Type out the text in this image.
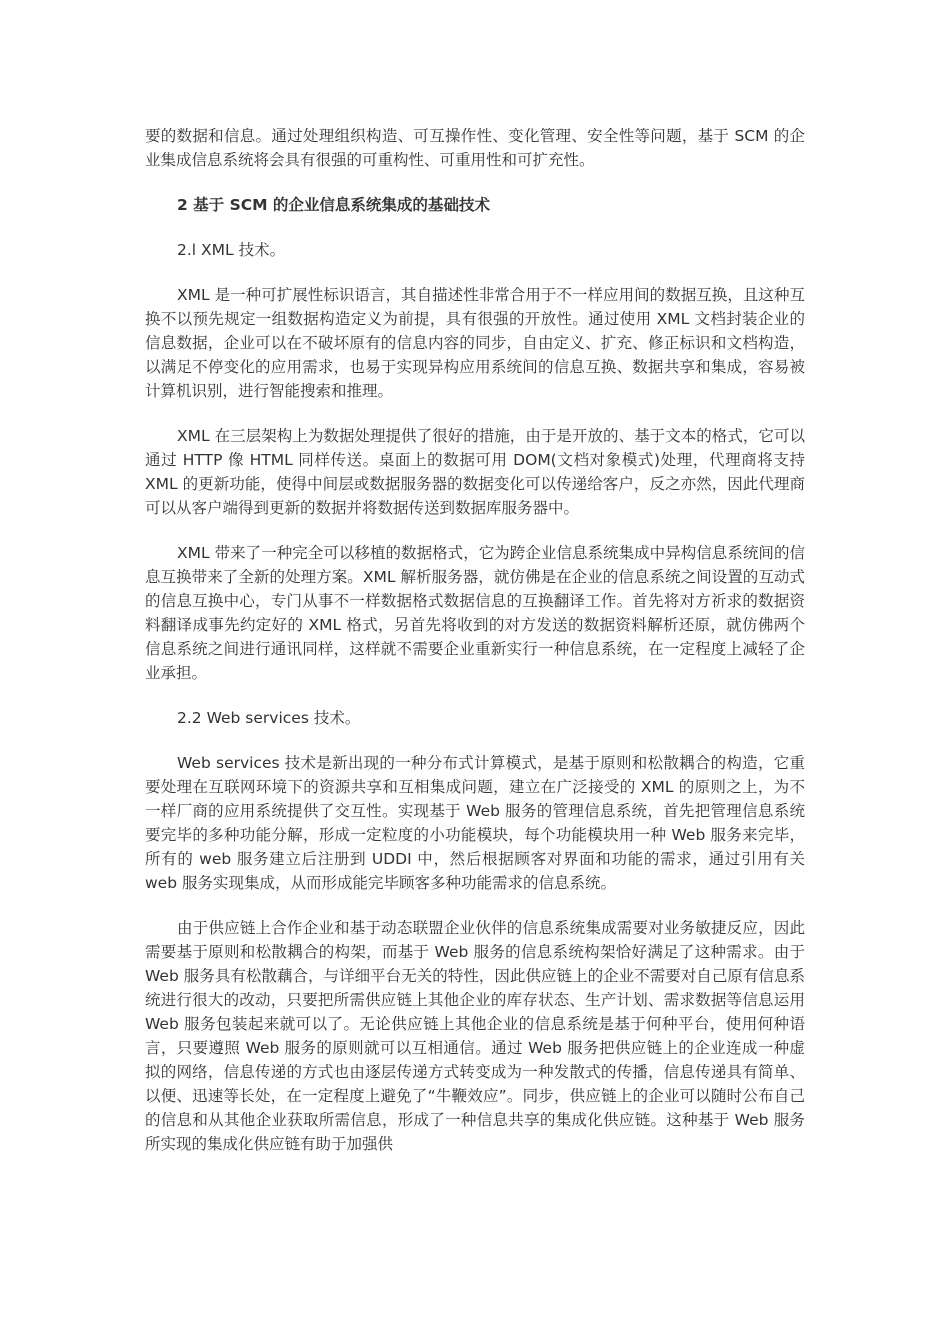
要的数据和信息。通过处理组织构造、可互操作性、变化管理、安全性等问题，基于 SCM 的企业集成信息系统将会具有很强的可重构性、可重用性和可扩充性。

2 基于 SCM 的企业信息系统集成的基础技术

2.l XML 技术。

XML 是一种可扩展性标识语言，其自描述性非常合用于不一样应用间的数据互换，且这种互换不以预先规定一组数据构造定义为前提，具有很强的开放性。通过使用 XML 文档封装企业的信息数据，企业可以在不破坏原有的信息内容的同步，自由定义、扩充、修正标识和文档构造，以满足不停变化的应用需求，也易于实现异构应用系统间的信息互换、数据共享和集成，容易被计算机识别，进行智能搜索和推理。

XML 在三层架构上为数据处理提供了很好的措施，由于是开放的、基于文本的格式，它可以通过 HTTP 像 HTML 同样传送。桌面上的数据可用 DOM(文档对象模式)处理，代理商将支持 XML 的更新功能，使得中间层或数据服务器的数据变化可以传递给客户，反之亦然，因此代理商可以从客户端得到更新的数据并将数据传送到数据库服务器中。

XML 带来了一种完全可以移植的数据格式，它为跨企业信息系统集成中异构信息系统间的信息互换带来了全新的处理方案。XML 解析服务器，就仿佛是在企业的信息系统之间设置的互动式的信息互换中心，专门从事不一样数据格式数据信息的互换翻译工作。首先将对方祈求的数据资料翻译成事先约定好的 XML 格式，另首先将收到的对方发送的数据资料解析还原，就仿佛两个信息系统之间进行通讯同样，这样就不需要企业重新实行一种信息系统，在一定程度上减轻了企业承担。

2.2 Web services 技术。

Web services 技术是新出现的一种分布式计算模式，是基于原则和松散耦合的构造，它重要处理在互联网环境下的资源共享和互相集成问题，建立在广泛接受的 XML 的原则之上，为不一样厂商的应用系统提供了交互性。实现基于 Web 服务的管理信息系统，首先把管理信息系统要完毕的多种功能分解，形成一定粒度的小功能模块，每个功能模块用一种 Web 服务来完毕，所有的 web 服务建立后注册到 UDDI 中，然后根据顾客对界面和功能的需求，通过引用有关 web 服务实现集成，从而形成能完毕顾客多种功能需求的信息系统。

由于供应链上合作企业和基于动态联盟企业伙伴的信息系统集成需要对业务敏捷反应，因此需要基于原则和松散耦合的构架，而基于 Web 服务的信息系统构架恰好满足了这种需求。由于 Web 服务具有松散藕合，与详细平台无关的特性，因此供应链上的企业不需要对自己原有信息系统进行很大的改动，只要把所需供应链上其他企业的库存状态、生产计划、需求数据等信息运用 Web 服务包装起来就可以了。无论供应链上其他企业的信息系统是基于何种平台，使用何种语言，只要遵照 Web 服务的原则就可以互相通信。通过 Web 服务把供应链上的企业连成一种虚拟的网络，信息传递的方式也由逐层传递方式转变成为一种发散式的传播，信息传递具有简单、以便、迅速等长处，在一定程度上避免了“牛鞭效应”。同步，供应链上的企业可以随时公布自己的信息和从其他企业获取所需信息，形成了一种信息共享的集成化供应链。这种基于 Web 服务所实现的集成化供应链有助于加强供
